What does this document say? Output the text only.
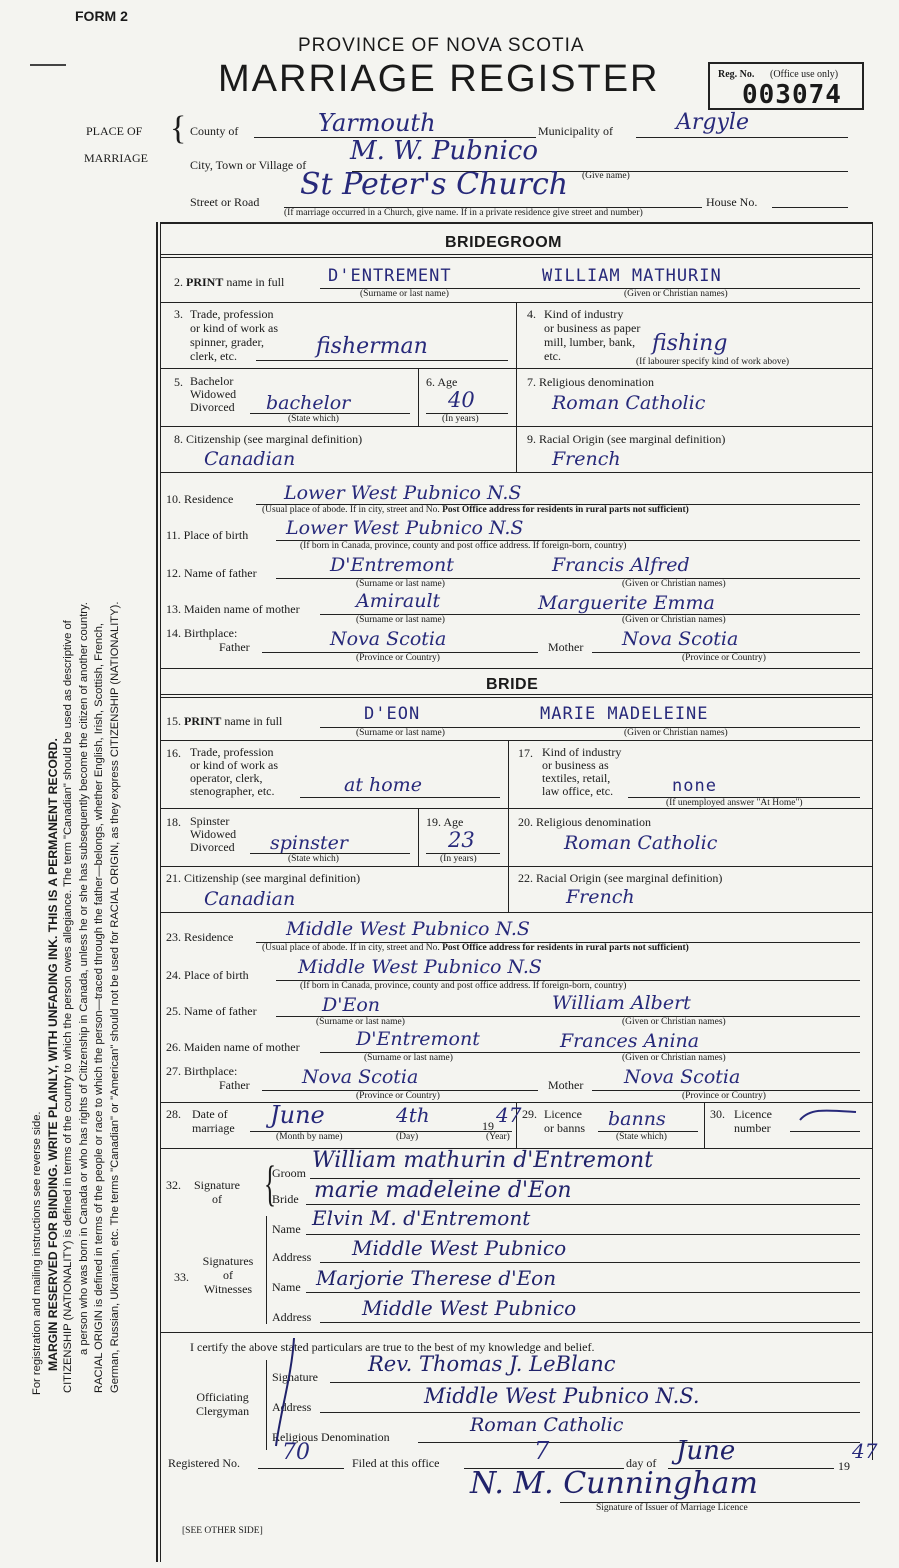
FORM 2
PROVINCE OF NOVA SCOTIA
MARRIAGE REGISTER	Reg. No. (Office use only)
003074
PLACE OF
MARRIAGE
{ County of	Yarmouth	Municipality of	Argyle
City, Town or Village of M. W. Pubnico
(Give name)
Street or Road St Peter's Church	House No.
(If marriage occurred in a Church, give name. If in a private residence give street and number)
BRIDEGROOM
2. PRINT name in full	D'ENTREMENT	WILLIAM MATHURIN
(Surname or last name)	(Given or Christian names)
3. Trade, profession
or kind of work as
spinner, grader,
clerk, etc.	fisherman
4. Kind of industry
or business as paper
mill, lumber, bank,
etc.	fishing
(If labourer specify kind of work above)
5. Bachelor
Widowed
Divorced bachelor
(State which)
6. Age
40
(In years)
7. Religious denomination
Roman Catholic
8. Citizenship (see marginal definition)
Canadian
9. Racial Origin (see marginal definition)
French
10. Residence	Lower West Pubnico N.S
(Usual place of abode. If in city, street and No. Post Office address for residents in rural parts not sufficient)
11. Place of birth Lower West Pubnico N.S
(If born in Canada, province, county and post office address. If foreign-born, country)
12. Name of father	D'Entremont	Francis Alfred
(Surname or last name)	(Given or Christian names)
13. Maiden name of mother	Amirault	Marguerite Emma
(Surname or last name)	(Given or Christian names)
14. Birthplace:
Father	Nova Scotia	Mother Nova Scotia
(Province or Country)	(Province or Country)
BRIDE
15. PRINT name in full	D'EON	MARIE MADELEINE
(Surname or last name)	(Given or Christian names)
16. Trade, profession
or kind of work as
operator, clerk,
stenographer, etc.	at home
17. Kind of industry
or business as
textiles, retail,
law office, etc.	none
(If unemployed answer "At Home")
18. Spinster
Widowed
Divorced spinster
(State which)
19. Age
23
(In years)
20. Religious denomination
Roman Catholic
21. Citizenship (see marginal definition)
Canadian
22. Racial Origin (see marginal definition)
French
23. Residence	Middle West Pubnico N.S
(Usual place of abode. If in city, street and No. Post Office address for residents in rural parts not sufficient)
24. Place of birth	Middle West Pubnico N.S
(If born in Canada, province, county and post office address. If foreign-born, country)
25. Name of father	D'Eon	William Albert
(Surname or last name)	(Given or Christian names)
26. Maiden name of mother	D'Entremont	Frances Anina
(Surname or last name)	(Given or Christian names)
27. Birthplace:
Father	Nova Scotia	Mother Nova Scotia
(Province or Country)	(Province or Country)
28. Date of
marriage June	4th	19 47
(Month by name)	(Day)	(Year)
29. Licence
or banns banns
(State which)
30. Licence
number
32. Signature
of {
Groom William mathurin d'Entremont
Bride marie madeleine d'Eon
33.
Signatures
of
Witnesses
Name Elvin M. d'Entremont
Address Middle West Pubnico
Name Marjorie Therese d'Eon
Address	Middle West Pubnico
I certify the above stated particulars are true to the best of my knowledge and belief.
Officiating
Clergyman
Signature
Rev. Thomas J. LeBlanc
Address	Middle West Pubnico N.S.
Religious Denomination
Roman Catholic
Registered No. 70	Filed at this office	7	day of June	19
47
N. M. Cunningham
Signature of Issuer of Marriage Licence
[SEE OTHER SIDE]
For registration and mailing instructions see reverse side. MARGIN RESERVED FOR BINDING. WRITE PLAINLY, WITH UNFADING INK. THIS IS A PERMANENT RECORD. CITIZENSHIP (NATIONALITY) is defined in terms of the country to which the person owes allegiance. The term "Canadian" should be used as descriptive of a person who was born in Canada or who has rights of Citizenship in Canada, unless he or she has subsequently become the citizen of another country. RACIAL ORIGIN is defined in terms of the people or race to which the person—traced through the father—belongs, whether English, Irish, Scottish, French, German, Russian, Ukrainian, etc. The terms "Canadian" or "American" should not be used for RACIAL ORIGIN, as they express CITIZENSHIP (NATIONALITY).
